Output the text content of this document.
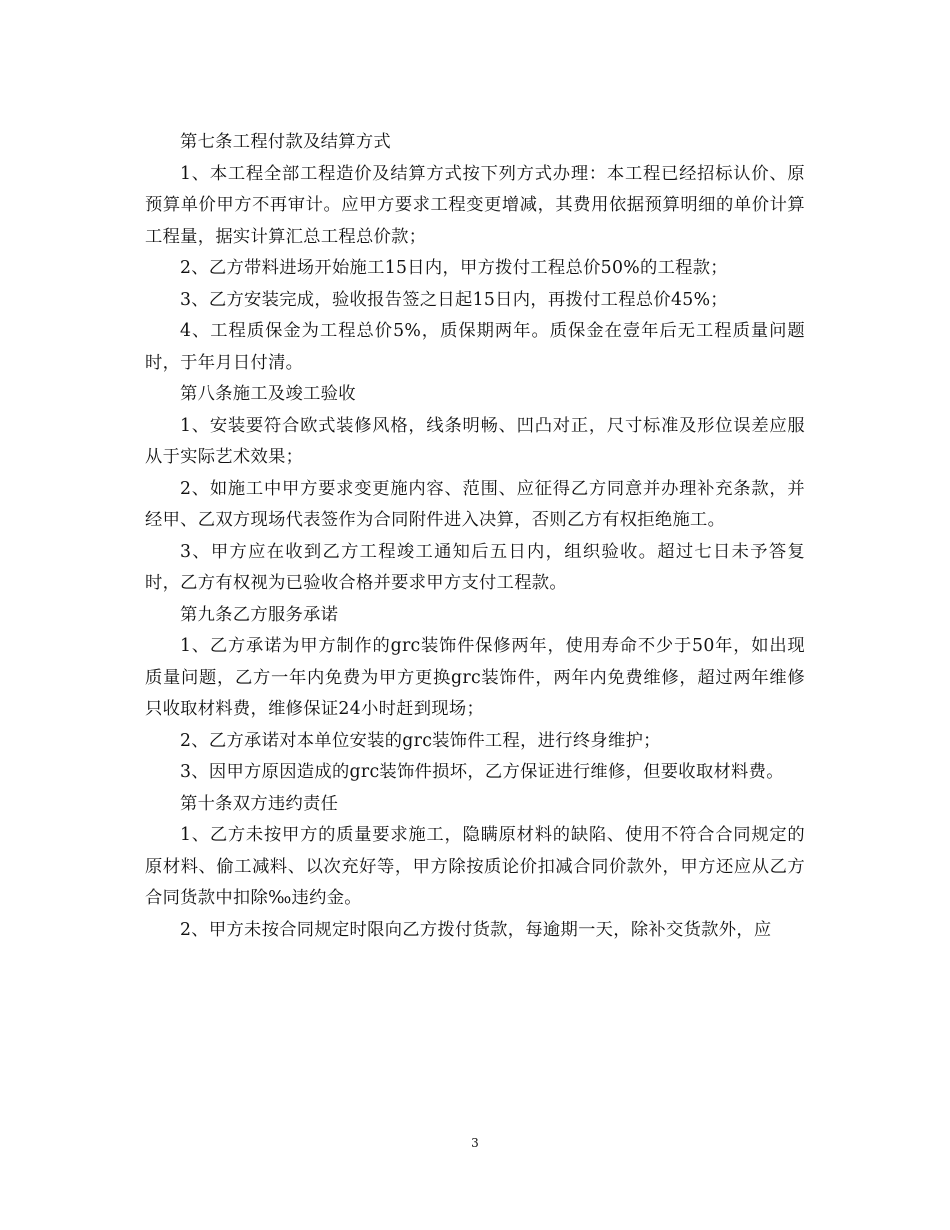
第七条工程付款及结算方式

1、本工程全部工程造价及结算方式按下列方式办理：本工程已经招标认价、原预算单价甲方不再审计。应甲方要求工程变更增减，其费用依据预算明细的单价计算工程量，据实计算汇总工程总价款；

2、乙方带料进场开始施工15日内，甲方拨付工程总价50%的工程款；

3、乙方安装完成，验收报告签之日起15日内，再拨付工程总价45%；

4、工程质保金为工程总价5%，质保期两年。质保金在壹年后无工程质量问题时，于年月日付清。

第八条施工及竣工验收

1、安装要符合欧式装修风格，线条明畅、凹凸对正，尺寸标准及形位误差应服从于实际艺术效果；

2、如施工中甲方要求变更施内容、范围、应征得乙方同意并办理补充条款，并经甲、乙双方现场代表签作为合同附件进入决算，否则乙方有权拒绝施工。

3、甲方应在收到乙方工程竣工通知后五日内，组织验收。超过七日未予答复时，乙方有权视为已验收合格并要求甲方支付工程款。

第九条乙方服务承诺

1、乙方承诺为甲方制作的grc装饰件保修两年，使用寿命不少于50年，如出现质量问题，乙方一年内免费为甲方更换grc装饰件，两年内免费维修，超过两年维修只收取材料费，维修保证24小时赶到现场；

2、乙方承诺对本单位安装的grc装饰件工程，进行终身维护；

3、因甲方原因造成的grc装饰件损坏，乙方保证进行维修，但要收取材料费。

第十条双方违约责任

1、乙方未按甲方的质量要求施工，隐瞒原材料的缺陷、使用不符合合同规定的原材料、偷工减料、以次充好等，甲方除按质论价扣减合同价款外，甲方还应从乙方合同货款中扣除‰违约金。

2、甲方未按合同规定时限向乙方拨付货款，每逾期一天，除补交货款外，应

3
